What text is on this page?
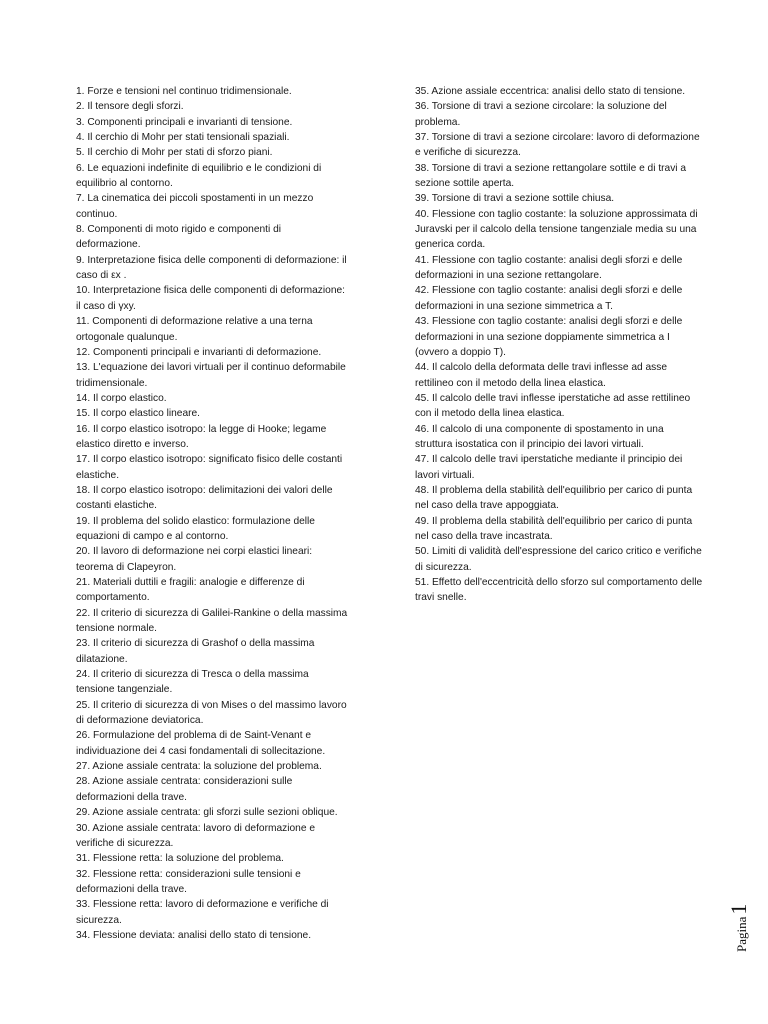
1. Forze e tensioni nel continuo tridimensionale.

2. Il tensore degli sforzi.

3. Componenti principali e invarianti di tensione.

4. Il cerchio di Mohr per stati tensionali spaziali.

5. Il cerchio di Mohr per stati di sforzo piani.

6. Le equazioni indefinite di equilibrio e le condizioni di equilibrio al contorno.

7. La cinematica dei piccoli spostamenti in un mezzo continuo.

8. Componenti di moto rigido e componenti di deformazione.

9. Interpretazione fisica delle componenti di deformazione: il caso di εx .

10. Interpretazione fisica delle componenti di deformazione: il caso di γxy.

11. Componenti di deformazione relative a una terna ortogonale qualunque.

12. Componenti principali e invarianti di deformazione.

13. L'equazione dei lavori virtuali per il continuo deformabile tridimensionale.

14. Il corpo elastico.

15. Il corpo elastico lineare.

16. Il corpo elastico isotropo: la legge di Hooke; legame elastico diretto e inverso.

17. Il corpo elastico isotropo: significato fisico delle costanti elastiche.

18. Il corpo elastico isotropo: delimitazioni dei valori delle costanti elastiche.

19. Il problema del solido elastico: formulazione delle equazioni di campo e al contorno.

20. Il lavoro di deformazione nei corpi elastici lineari: teorema di Clapeyron.

21. Materiali duttili e fragili: analogie e differenze di comportamento.

22. Il criterio di sicurezza di Galilei-Rankine o della massima tensione normale.

23. Il criterio di sicurezza di Grashof o della massima dilatazione.

24. Il criterio di sicurezza di Tresca o della massima tensione tangenziale.

25. Il criterio di sicurezza di von Mises o del massimo lavoro di deformazione deviatorica.

26. Formulazione del problema di de Saint-Venant e individuazione dei 4 casi fondamentali di sollecitazione.

27. Azione assiale centrata: la soluzione del problema.

28. Azione assiale centrata: considerazioni sulle deformazioni della trave.

29. Azione assiale centrata: gli sforzi sulle sezioni oblique. 30. Azione assiale centrata: lavoro di deformazione e verifiche di sicurezza.

31. Flessione retta: la soluzione del problema.

32. Flessione retta: considerazioni sulle tensioni e deformazioni della trave.

33. Flessione retta: lavoro di deformazione e verifiche di sicurezza.

34. Flessione deviata: analisi dello stato di tensione.

35. Azione assiale eccentrica: analisi dello stato di tensione.

36. Torsione di travi a sezione circolare: la soluzione del problema.

37. Torsione di travi a sezione circolare: lavoro di deformazione e verifiche di sicurezza.

38. Torsione di travi a sezione rettangolare sottile e di travi a sezione sottile aperta.

39. Torsione di travi a sezione sottile chiusa.

40. Flessione con taglio costante: la soluzione approssimata di Juravski per il calcolo della tensione tangenziale media su una generica corda.

41. Flessione con taglio costante: analisi degli sforzi e delle deformazioni in una sezione rettangolare.

42. Flessione con taglio costante: analisi degli sforzi e delle deformazioni in una sezione simmetrica a T.

43. Flessione con taglio costante: analisi degli sforzi e delle deformazioni in una sezione doppiamente simmetrica a I (ovvero a doppio T).

44. Il calcolo della deformata delle travi inflesse ad asse rettilineo con il metodo della linea elastica.

45. Il calcolo delle travi inflesse iperstatiche ad asse rettilineo con il metodo della linea elastica.

46. Il calcolo di una componente di spostamento in una struttura isostatica con il principio dei lavori virtuali.

47. Il calcolo delle travi iperstatiche mediante il principio dei lavori virtuali.

48. Il problema della stabilità dell'equilibrio per carico di punta nel caso della trave appoggiata.

49. Il problema della stabilità dell'equilibrio per carico di punta nel caso della trave incastrata.

50. Limiti di validità dell'espressione del carico critico e verifiche di sicurezza.

51. Effetto dell'eccentricità dello sforzo sul comportamento delle travi snelle.

Pagina1
